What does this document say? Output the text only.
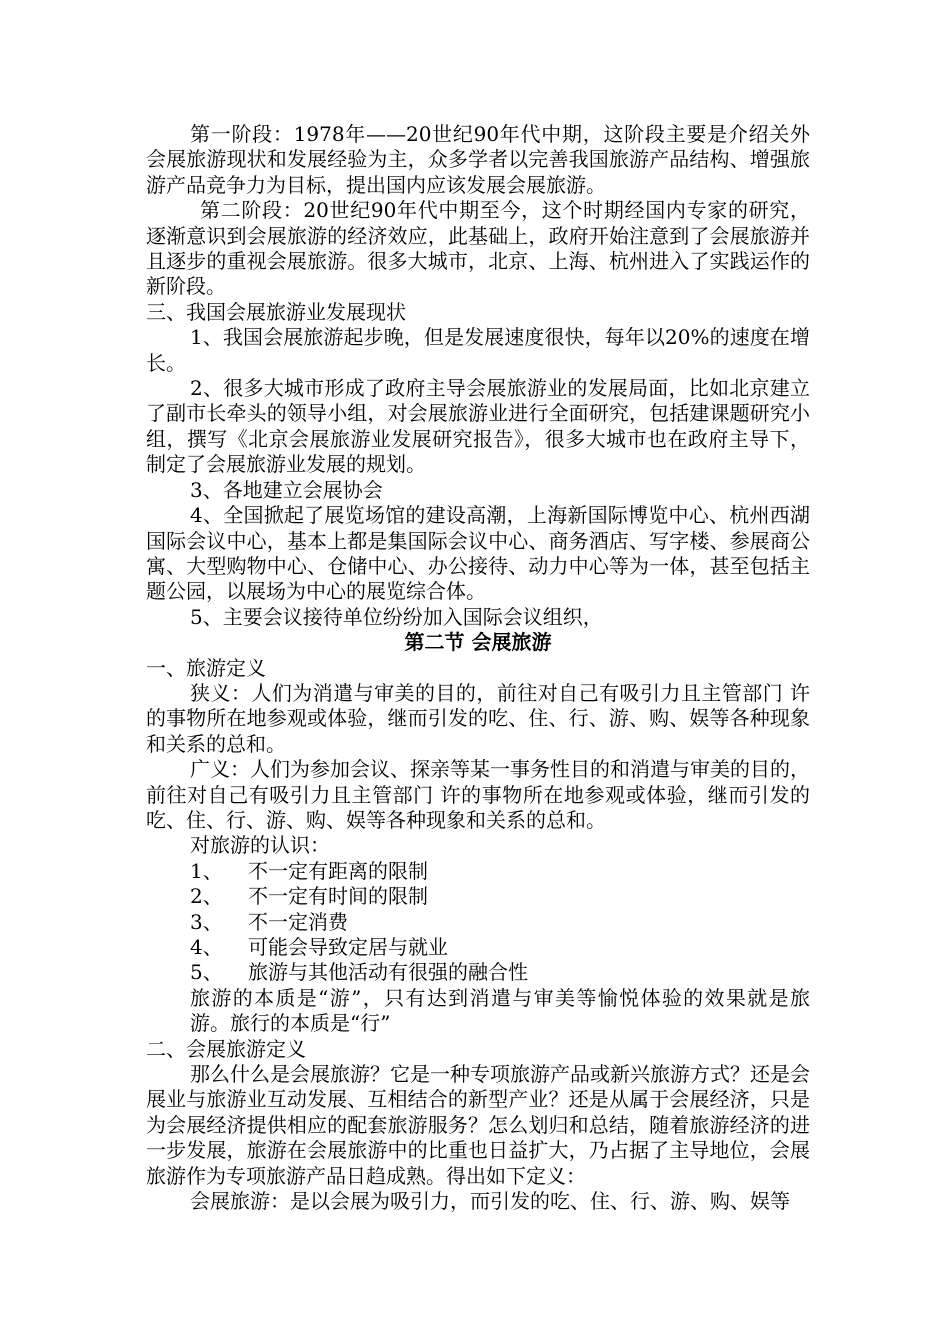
第一阶段：1978年——20世纪90年代中期，这阶段主要是介绍关外会展旅游现状和发展经验为主，众多学者以完善我国旅游产品结构、增强旅游产品竞争力为目标，提出国内应该发展会展旅游。

第二阶段：20世纪90年代中期至今，这个时期经国内专家的研究，逐渐意识到会展旅游的经济效应，此基础上，政府开始注意到了会展旅游并且逐步的重视会展旅游。很多大城市，北京、上海、杭州进入了实践运作的新阶段。

三、我国会展旅游业发展现状

1、我国会展旅游起步晚，但是发展速度很快，每年以20%的速度在增长。

2、很多大城市形成了政府主导会展旅游业的发展局面，比如北京建立了副市长牵头的领导小组，对会展旅游业进行全面研究，包括建课题研究小组，撰写《北京会展旅游业发展研究报告》，很多大城市也在政府主导下，制定了会展旅游业发展的规划。

3、各地建立会展协会

4、全国掀起了展览场馆的建设高潮，上海新国际博览中心、杭州西湖国际会议中心，基本上都是集国际会议中心、商务酒店、写字楼、参展商公寓、大型购物中心、仓储中心、办公接待、动力中心等为一体，甚至包括主题公园，以展场为中心的展览综合体。

5、主要会议接待单位纷纷加入国际会议组织，

第二节 会展旅游

一、旅游定义

狭义：人们为消遣与审美的目的，前往对自己有吸引力且主管部门 许的事物所在地参观或体验，继而引发的吃、住、行、游、购、娱等各种现象和关系的总和。

广义：人们为参加会议、探亲等某一事务性目的和消遣与审美的目的，前往对自己有吸引力且主管部门 许的事物所在地参观或体验，继而引发的吃、住、行、游、购、娱等各种现象和关系的总和。

对旅游的认识：

1、	不一定有距离的限制
2、	不一定有时间的限制
3、	不一定消费
4、	可能会导致定居与就业
5、	旅游与其他活动有很强的融合性

旅游的本质是“游”，只有达到消遣与审美等愉悦体验的效果就是旅游。旅行的本质是“行”

二、会展旅游定义

那么什么是会展旅游？它是一种专项旅游产品或新兴旅游方式？还是会展业与旅游业互动发展、互相结合的新型产业？还是从属于会展经济，只是为会展经济提供相应的配套旅游服务？怎么划归和总结，随着旅游经济的进一步发展，旅游在会展旅游中的比重也日益扩大，乃占据了主导地位，会展旅游作为专项旅游产品日趋成熟。得出如下定义：

会展旅游：是以会展为吸引力，而引发的吃、住、行、游、购、娱等
